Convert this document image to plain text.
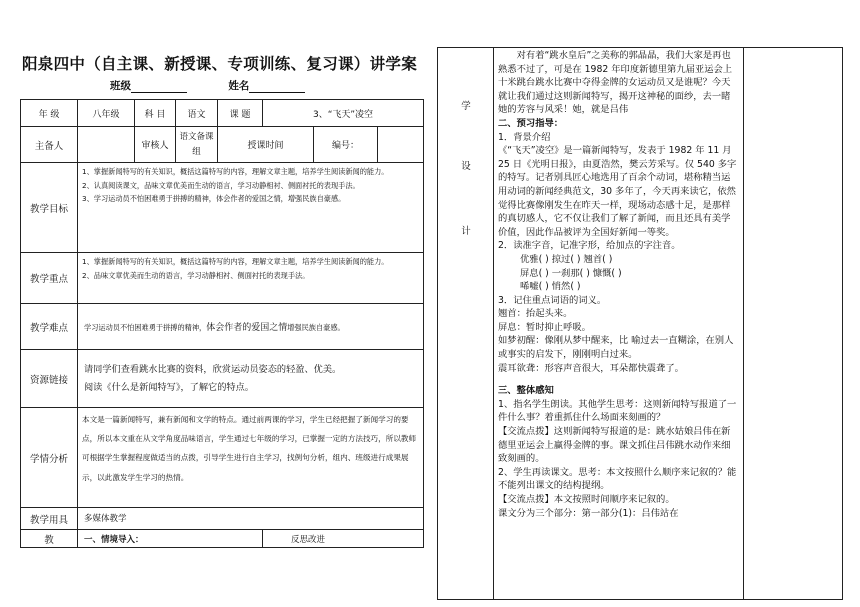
阳泉四中（自主课、新授课、专项训练、复习课）讲学案
班级	姓名
年 级	八年级	科 目	语文	课 题	3、“飞天”凌空		
主备人		审核人	语文备课组	授课时间		编号：	
教学目标	1、掌握新闻特写的有关知识，概括这篇特写的内容，理解文章主题，培养学生阅读新闻的能力。
2、认真阅读课文，品味文章优美而生动的语言，学习动静相衬、侧面衬托的表现手法。
3、学习运动员不怕困难勇于拼搏的精神，体会作者的爱国之情，增强民族自豪感。						

教学重点	1、掌握新闻特写的有关知识，概括这篇特写的内容，理解文章主题，培养学生阅读新闻的能力。
2、品味文章优美而生动的语言，学习动静相衬、侧面衬托的表现手法。						

教学难点	学习运动员不怕困难勇于拼搏的精神，体会作者的爱国之情增强民族自豪感。						
资源链接	请同学们查看跳水比赛的资料，欣赏运动员姿态的轻盈、优美。
阅读《什么是新闻特写》，了解它的特点。						

学情分析	本文是一篇新闻特写，兼有新闻和文学的特点。通过前两课的学习，学生已经把握了新闻学习的要点，所以本文重在从文学角度品味语言，学生通过七年级的学习，已掌握一定的方法技巧，所以教师可根据学生掌握程度做适当的点拨，引导学生进行自主学习，找例句分析，组内、班级进行成果展示，以此激发学生学习的热情。						
教学用具	多媒体教学						
教	一、情境导入：				反思改进		
学
设
计

对有着“跳水皇后”之美称的郭晶晶，我们大家是再也熟悉不过了，可是在 1982 年印度新德里第九届亚运会上十米跳台跳水比赛中夺得金牌的女运动员又是谁呢？今天就让我们通过这则新闻特写，揭开这神秘的面纱，去一睹她的芳容与风采！她，就是吕伟

二、预习指导：

1．背景介绍

《“飞天”凌空》是一篇新闻特写，发表于 1982 年 11 月 25 日《光明日报》，由夏浩然，樊云芳采写。仅 540 多字的特写。记者别具匠心地选用了百余个动词，堪称精当运用动词的新闻经典范文，30 多年了，今天再来读它，依然觉得比赛像刚发生在昨天一样，现场动态感十足，是那样的真切感人，它不仅让我们了解了新闻，而且还具有美学价值，因此作品被评为全国好新闻一等奖。

2．读准字音，记准字形，给加点的字注音。

优雅( ) 掠过( ) 翘首( )

屏息( ) 一刹那( ) 慷慨( )

唏嘘( ) 悄然( )

3．记住重点词语的词义。

翘首：抬起头来。

屏息：暂时抑止呼吸。

如梦初醒：像刚从梦中醒来，比 喻过去一直糊涂，在别人或事实的启发下，刚刚明白过来。

震耳欲聋：形容声音很大，耳朵都快震聋了。

三、整体感知

1、指名学生朗读。其他学生思考：这则新闻特写报道了一件什么事？着重抓住什么场面来刻画的？

【交流点拨】这则新闻特写报道的是：跳水姑娘吕伟在新德里亚运会上赢得金牌的事。课文抓住吕伟跳水动作来细致刻画的。

2、学生再读课文。思考：本文按照什么顺序来记叙的？能不能列出课文的结构提纲。

【交流点拨】本文按照时间顺序来记叙的。

课文分为三个部分：第一部分(1)：吕伟站在
